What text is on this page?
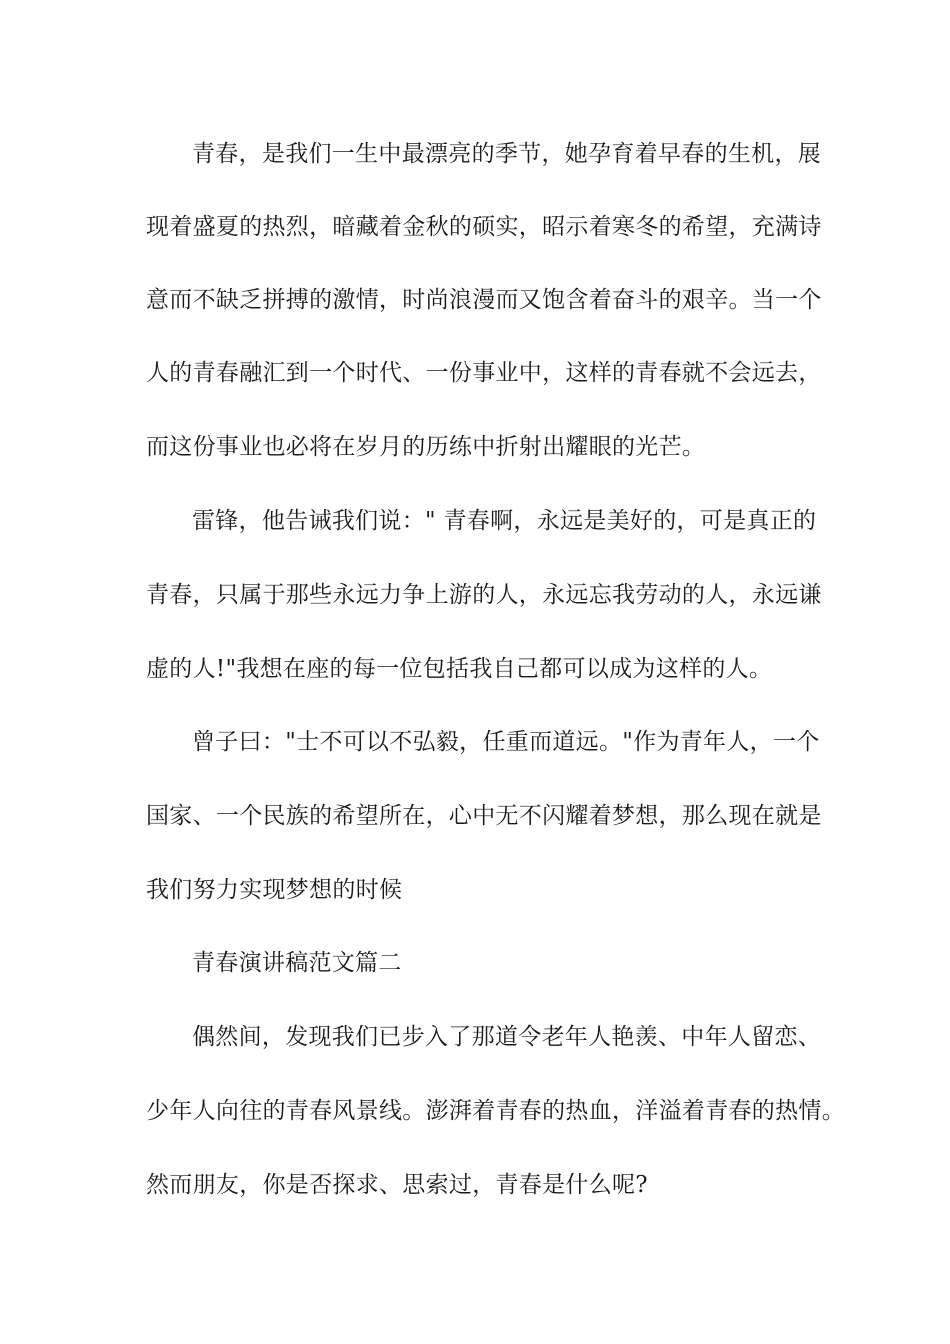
青春，是我们一生中最漂亮的季节，她孕育着早春的生机，展
现着盛夏的热烈，暗藏着金秋的硕实，昭示着寒冬的希望，充满诗
意而不缺乏拼搏的激情，时尚浪漫而又饱含着奋斗的艰辛。当一个
人的青春融汇到一个时代、一份事业中，这样的青春就不会远去，
而这份事业也必将在岁月的历练中折射出耀眼的光芒。
雷锋，他告诫我们说：" 青春啊，永远是美好的，可是真正的
青春，只属于那些永远力争上游的人，永远忘我劳动的人，永远谦
虚的人!"我想在座的每一位包括我自己都可以成为这样的人。
曾子曰："士不可以不弘毅，任重而道远。"作为青年人，一个
国家、一个民族的希望所在，心中无不闪耀着梦想，那么现在就是
我们努力实现梦想的时候
青春演讲稿范文篇二
偶然间，发现我们已步入了那道令老年人艳羡、中年人留恋、
少年人向往的青春风景线。澎湃着青春的热血，洋溢着青春的热情。
然而朋友，你是否探求、思索过，青春是什么呢?
